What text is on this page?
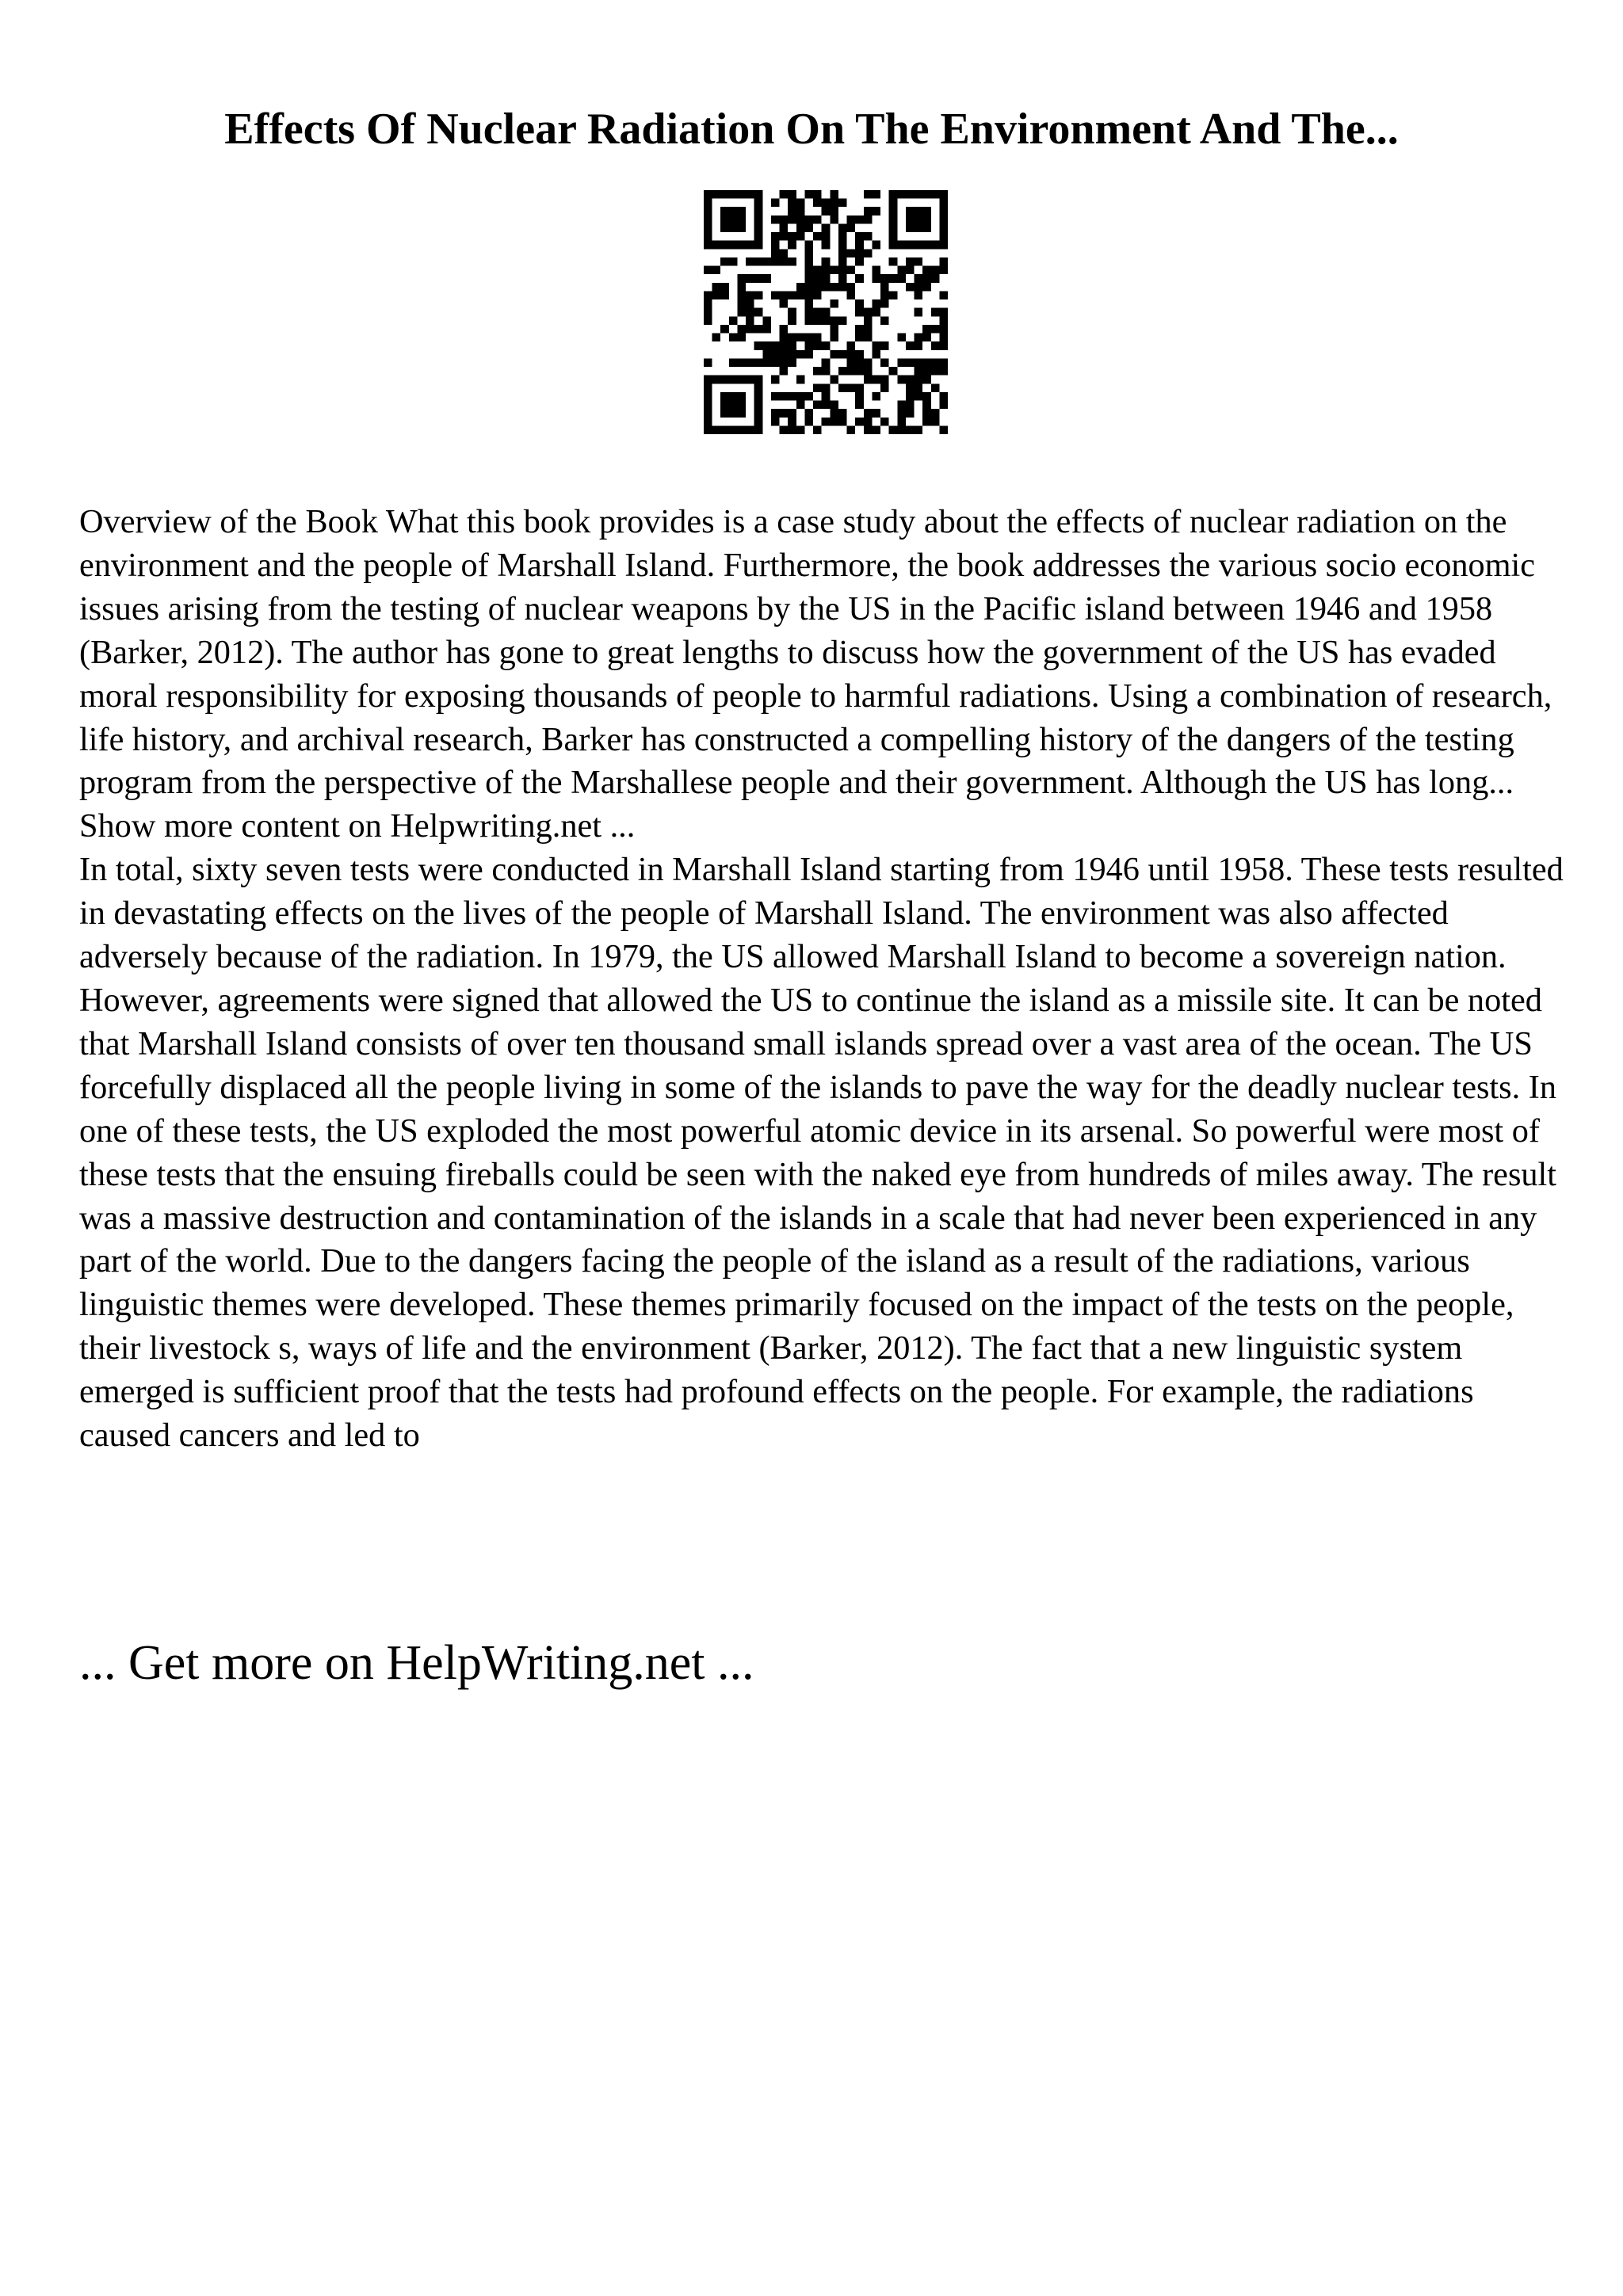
Effects Of Nuclear Radiation On The Environment And The...

Overview of the Book What this book provides is a case study about the effects of nuclear radiation on the environment and the people of Marshall Island. Furthermore, the book addresses the various socio economic issues arising from the testing of nuclear weapons by the US in the Pacific island between 1946 and 1958 (Barker, 2012). The author has gone to great lengths to discuss how the government of the US has evaded moral responsibility for exposing thousands of people to harmful radiations. Using a combination of research, life history, and archival research, Barker has constructed a compelling history of the dangers of the testing program from the perspective of the Marshallese people and their government. Although the US has long... Show more content on Helpwriting.net ...

In total, sixty seven tests were conducted in Marshall Island starting from 1946 until 1958. These tests resulted in devastating effects on the lives of the people of Marshall Island. The environment was also affected adversely because of the radiation. In 1979, the US allowed Marshall Island to become a sovereign nation. However, agreements were signed that allowed the US to continue the island as a missile site. It can be noted that Marshall Island consists of over ten thousand small islands spread over a vast area of the ocean. The US forcefully displaced all the people living in some of the islands to pave the way for the deadly nuclear tests. In one of these tests, the US exploded the most powerful atomic device in its arsenal. So powerful were most of these tests that the ensuing fireballs could be seen with the naked eye from hundreds of miles away. The result was a massive destruction and contamination of the islands in a scale that had never been experienced in any part of the world. Due to the dangers facing the people of the island as a result of the radiations, various linguistic themes were developed. These themes primarily focused on the impact of the tests on the people, their livestock s, ways of life and the environment (Barker, 2012). The fact that a new linguistic system emerged is sufficient proof that the tests had profound effects on the people. For example, the radiations caused cancers and led to

... Get more on HelpWriting.net ...
